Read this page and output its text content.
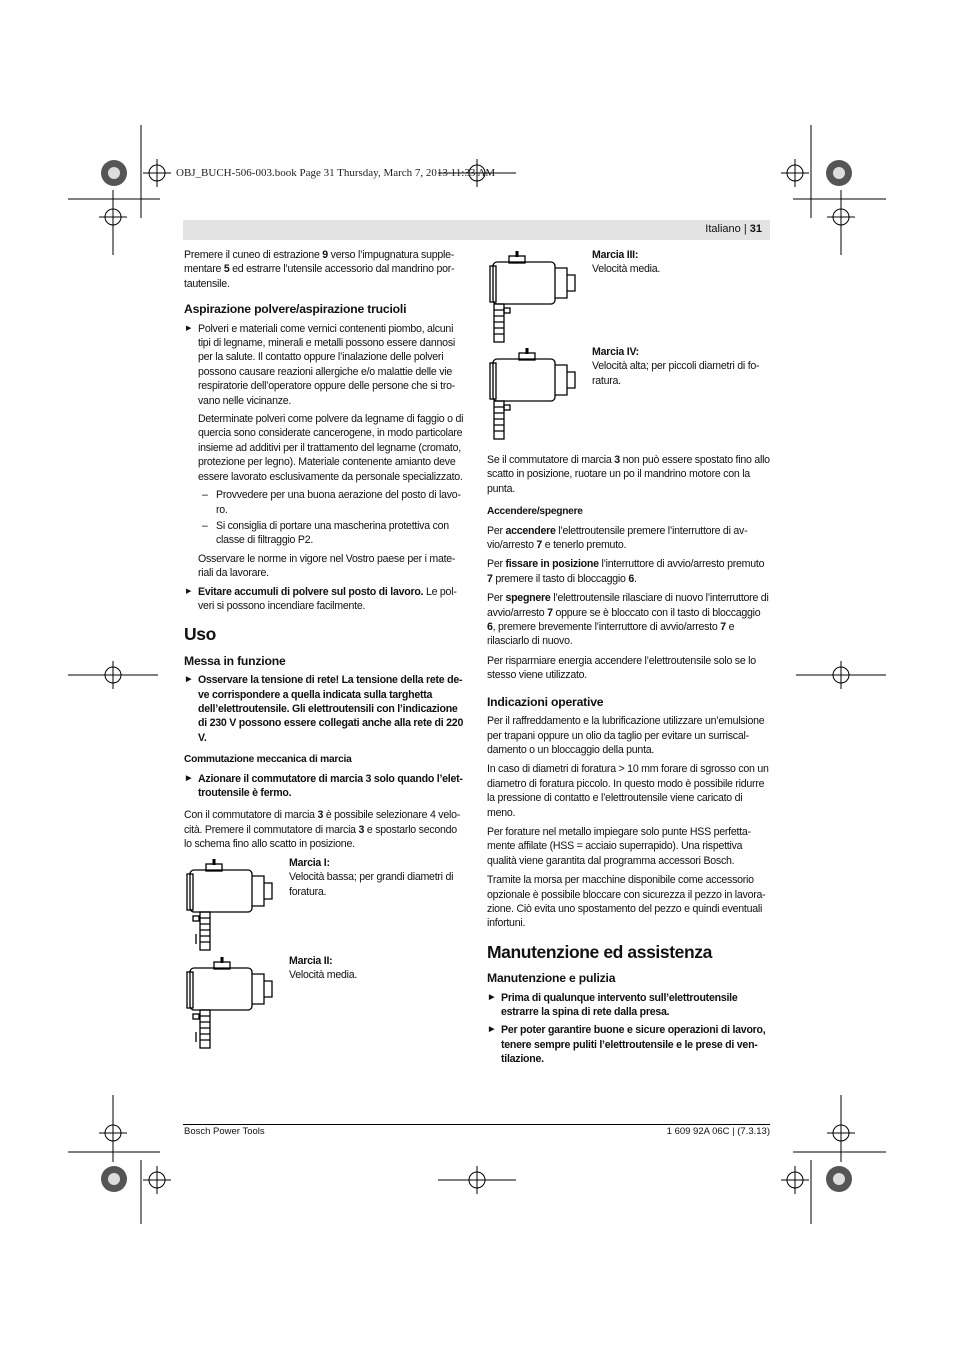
OBJ_BUCH-506-003.book Page 31 Thursday, March 7, 2013 11:33 AM
Italiano | 31

Premere il cuneo di estrazione 9 verso l’impugnatura supplementare 5 ed estrarre l’utensile accessorio dal mandrino portautensile.

Aspirazione polvere/aspirazione trucioli

▶ Polveri e materiali come vernici contenenti piombo, alcuni tipi di legname, minerali e metalli possono essere dannosi per la salute. Il contatto oppure l’inalazione delle polveri possono causare reazioni allergiche e/o malattie delle vie respiratorie dell’operatore oppure delle persone che si trovano nelle vicinanze.

Determinate polveri come polvere da legname di faggio o di quercia sono considerate cancerogene, in modo particolare insieme ad additivi per il trattamento del legname (cromato, protezione per legno). Materiale contenente amianto deve essere lavorato esclusivamente da personale specializzato.

– Provvedere per una buona aerazione del posto di lavoro.

– Si consiglia di portare una mascherina protettiva con classe di filtraggio P2.

Osservare le norme in vigore nel Vostro paese per i materiali da lavorare.

▶ Evitare accumuli di polvere sul posto di lavoro. Le polveri si possono incendiare facilmente.

Uso
Messa in funzione

▶ Osservare la tensione di rete! La tensione della rete deve corrispondere a quella indicata sulla targhetta dell’elettroutensile. Gli elettroutensili con l’indicazione di 230 V possono essere collegati anche alla rete di 220 V.

Commutazione meccanica di marcia

▶ Azionare il commutatore di marcia 3 solo quando l’elettroutensile è fermo.

Con il commutatore di marcia 3 è possibile selezionare 4 velocità. Premere il commutatore di marcia 3 e spostarlo secondo lo schema fino allo scatto in posizione.

Marcia I:
Velocità bassa; per grandi diametri di foratura.
Marcia II:
Velocità media.
Marcia III:
Velocità media.
Marcia IV:
Velocità alta; per piccoli diametri di foratura.

Se il commutatore di marcia 3 non può essere spostato fino allo scatto in posizione, ruotare un po il mandrino motore con la punta.

Accendere/spegnere

Per accendere l’elettroutensile premere l’interruttore di avvio/arresto 7 e tenerlo premuto.

Per fissare in posizione l’interruttore di avvio/arresto premuto 7 premere il tasto di bloccaggio 6.

Per spegnere l’elettroutensile rilasciare di nuovo l’interruttore di avvio/arresto 7 oppure se è bloccato con il tasto di bloccaggio 6, premere brevemente l’interruttore di avvio/arresto 7 e rilasciarlo di nuovo.

Per risparmiare energia accendere l’elettroutensile solo se lo stesso viene utilizzato.

Indicazioni operative

Per il raffreddamento e la lubrificazione utilizzare un’emulsione per trapani oppure un olio da taglio per evitare un surriscaldamento o un bloccaggio della punta.

In caso di diametri di foratura > 10 mm forare di sgrosso con un diametro di foratura piccolo. In questo modo è possibile ridurre la pressione di contatto e l’elettroutensile viene caricato di meno.

Per forature nel metallo impiegare solo punte HSS perfettamente affilate (HSS = acciaio superrapido). Una rispettiva qualità viene garantita dal programma accessori Bosch.

Tramite la morsa per macchine disponibile come accessorio opzionale è possibile bloccare con sicurezza il pezzo in lavorazione. Ciò evita uno spostamento del pezzo e quindi eventuali infortuni.

Manutenzione ed assistenza
Manutenzione e pulizia

▶ Prima di qualunque intervento sull’elettroutensile estrarre la spina di rete dalla presa.

▶ Per poter garantire buone e sicure operazioni di lavoro, tenere sempre puliti l’elettroutensile e le prese di ventilazione.

Bosch Power Tools	1 609 92A 06C | (7.3.13)
